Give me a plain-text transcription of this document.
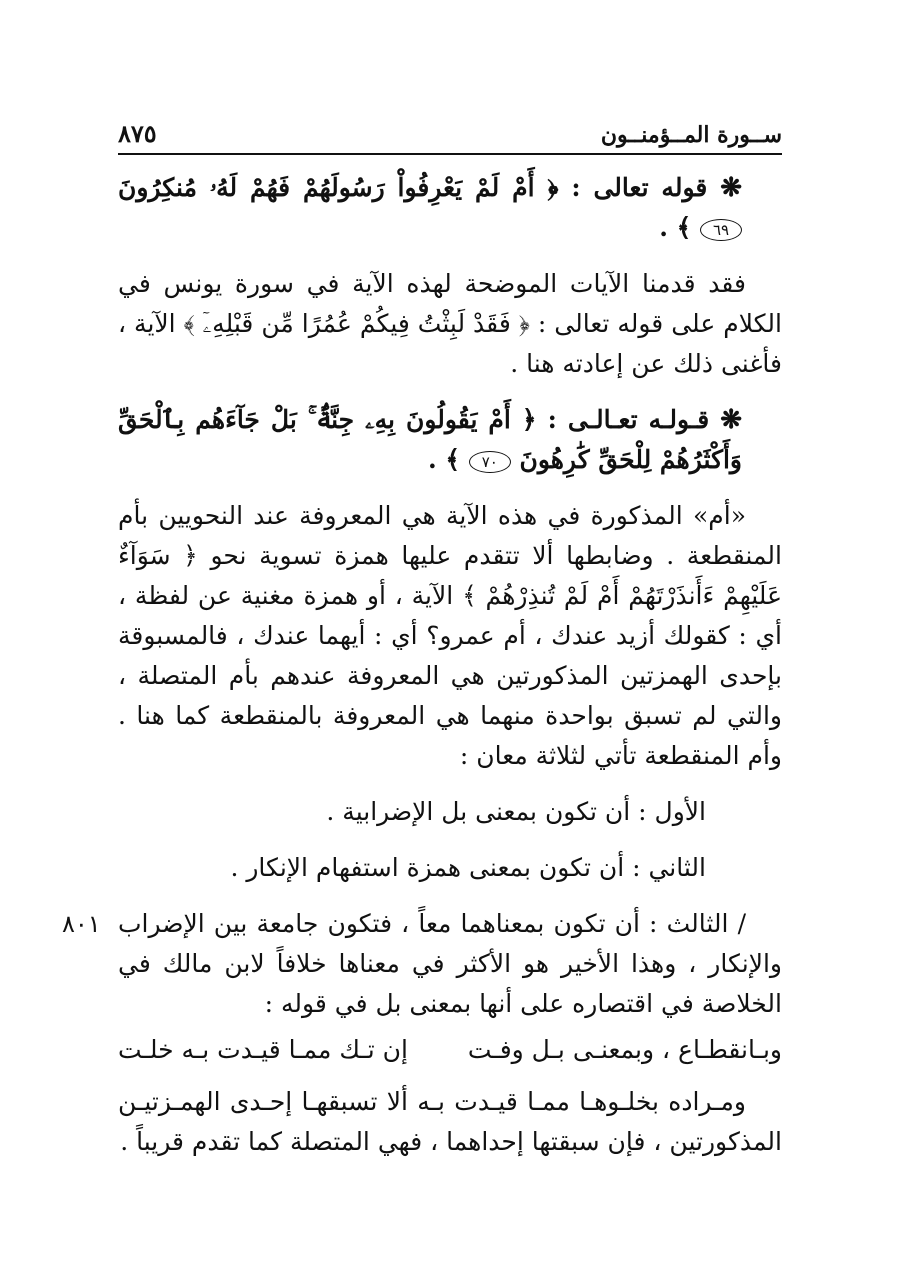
ســورة المــؤمنــون
٨٧٥

❋ قوله تعالى : ﴿ أَمْ لَمْ يَعْرِفُواْ رَسُولَهُمْ فَهُمْ لَهُۥ مُنكِرُونَ ٦٩ ﴾ .

فقد قدمنا الآيات الموضحة لهذه الآية في سورة يونس في الكلام على قوله تعالى : ﴿ فَقَدْ لَبِثْتُ فِيكُمْ عُمُرًا مِّن قَبْلِهِۦٓ ﴾ الآية ، فأغنى ذلك عن إعادته هنا .

❋ قـولـه تعـالـى : ﴿ أَمْ يَقُولُونَ بِهِۦ جِنَّةٌۢ ۚ بَلْ جَآءَهُم بِٱلْحَقِّ وَأَكْثَرُهُمْ لِلْحَقِّ كَٰرِهُونَ ٧٠ ﴾ .

«أم» المذكورة في هذه الآية هي المعروفة عند النحويين بأم المنقطعة . وضابطها ألا تتقدم عليها همزة تسوية نحو ﴿ سَوَآءٌ عَلَيْهِمْ ءَأَنذَرْتَهُمْ أَمْ لَمْ تُنذِرْهُمْ ﴾ الآية ، أو همزة مغنية عن لفظة ، أي : كقولك أزيد عندك ، أم عمرو؟ أي : أيهما عندك ، فالمسبوقة بإحدى الهمزتين المذكورتين هي المعروفة عندهم بأم المتصلة ، والتي لم تسبق بواحدة منهما هي المعروفة بالمنقطعة كما هنا . وأم المنقطعة تأتي لثلاثة معان :

الأول : أن تكون بمعنى بل الإضرابية .

الثاني : أن تكون بمعنى همزة استفهام الإنكار .

٨٠١ / الثالث : أن تكون بمعناهما معاً ، فتكون جامعة بين الإضراب والإنكار ، وهذا الأخير هو الأكثر في معناها خلافاً لابن مالك في الخلاصة في اقتصاره على أنها بمعنى بل في قوله :

وبـانقطـاع ، وبمعنـى بـل وفـت
إن تـك ممـا قيـدت بـه خلـت

ومـراده بخلـوهـا ممـا قيـدت بـه ألا تسبقهـا إحـدى الهمـزتيـن المذكورتين ، فإن سبقتها إحداهما ، فهي المتصلة كما تقدم قريباً .
